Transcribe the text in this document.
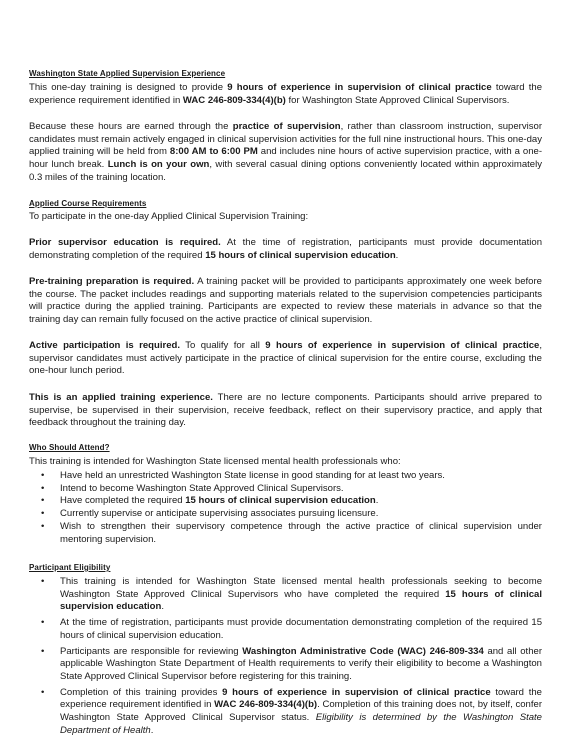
Washington State Applied Supervision Experience
This one-day training is designed to provide 9 hours of experience in supervision of clinical practice toward the experience requirement identified in WAC 246-809-334(4)(b) for Washington State Approved Clinical Supervisors.
Because these hours are earned through the practice of supervision, rather than classroom instruction, supervisor candidates must remain actively engaged in clinical supervision activities for the full nine instructional hours. This one-day applied training will be held from 8:00 AM to 6:00 PM and includes nine hours of active supervision practice, with a one-hour lunch break. Lunch is on your own, with several casual dining options conveniently located within approximately 0.3 miles of the training location.
Applied Course Requirements
To participate in the one-day Applied Clinical Supervision Training:
Prior supervisor education is required. At the time of registration, participants must provide documentation demonstrating completion of the required 15 hours of clinical supervision education.
Pre-training preparation is required. A training packet will be provided to participants approximately one week before the course. The packet includes readings and supporting materials related to the supervision competencies participants will practice during the applied training. Participants are expected to review these materials in advance so that the training day can remain fully focused on the active practice of clinical supervision.
Active participation is required. To qualify for all 9 hours of experience in supervision of clinical practice, supervisor candidates must actively participate in the practice of clinical supervision for the entire course, excluding the one-hour lunch period.
This is an applied training experience. There are no lecture components. Participants should arrive prepared to supervise, be supervised in their supervision, receive feedback, reflect on their supervisory practice, and apply that feedback throughout the training day.
Who Should Attend?
This training is intended for Washington State licensed mental health professionals who:
• Have held an unrestricted Washington State license in good standing for at least two years.
• Intend to become Washington State Approved Clinical Supervisors.
• Have completed the required 15 hours of clinical supervision education.
• Currently supervise or anticipate supervising associates pursuing licensure.
• Wish to strengthen their supervisory competence through the active practice of clinical supervision under mentoring supervision.
Participant Eligibility
• This training is intended for Washington State licensed mental health professionals seeking to become Washington State Approved Clinical Supervisors who have completed the required 15 hours of clinical supervision education.
• At the time of registration, participants must provide documentation demonstrating completion of the required 15 hours of clinical supervision education.
• Participants are responsible for reviewing Washington Administrative Code (WAC) 246-809-334 and all other applicable Washington State Department of Health requirements to verify their eligibility to become a Washington State Approved Clinical Supervisor before registering for this training.
• Completion of this training provides 9 hours of experience in supervision of clinical practice toward the experience requirement identified in WAC 246-809-334(4)(b). Completion of this training does not, by itself, confer Washington State Approved Clinical Supervisor status. Eligibility is determined by the Washington State Department of Health.
